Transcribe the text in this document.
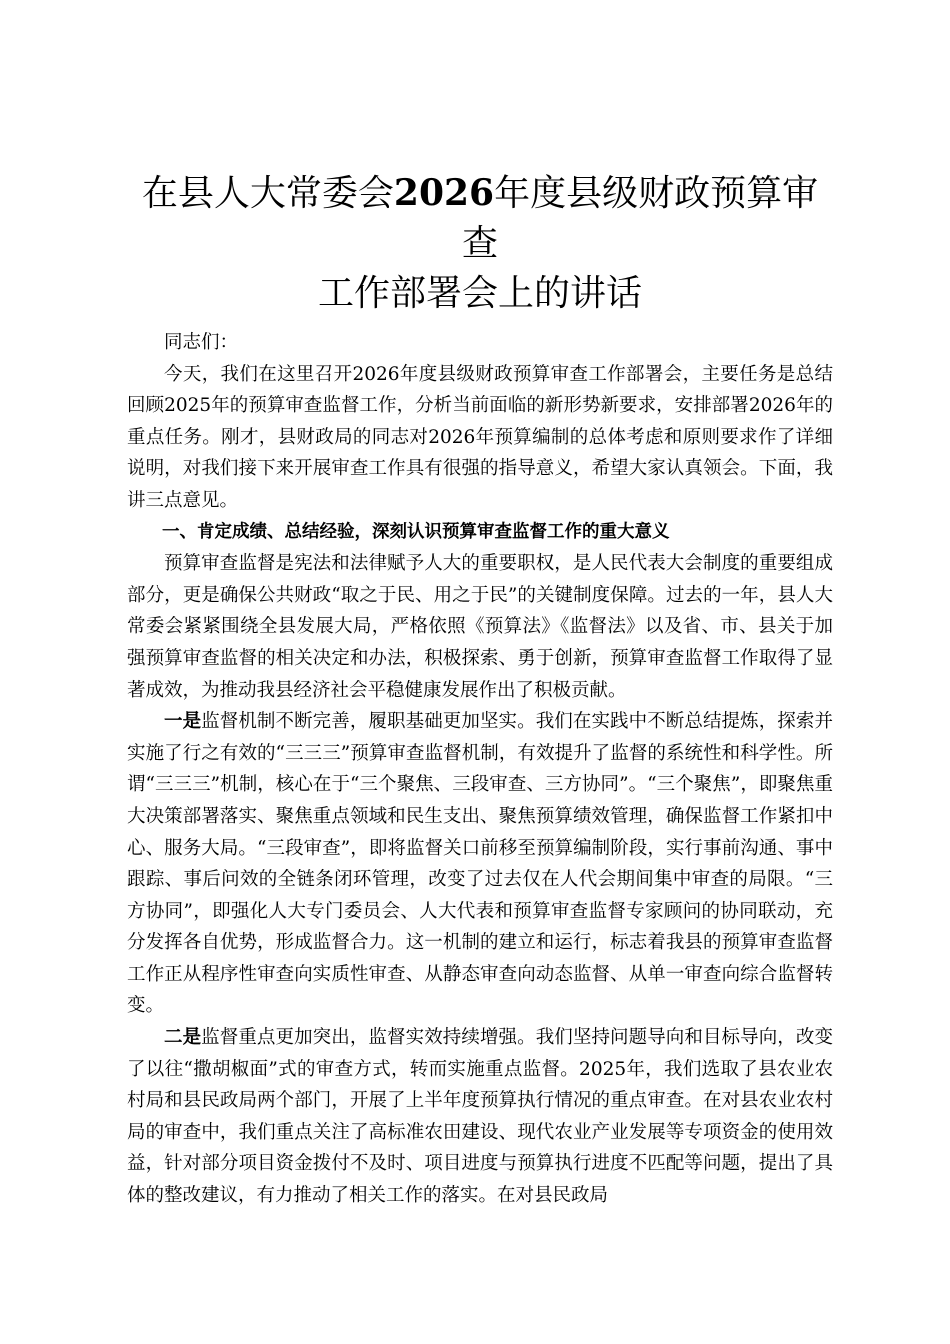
在县人大常委会2026年度县级财政预算审查
工作部署会上的讲话

同志们：

今天，我们在这里召开2026年度县级财政预算审查工作部署会，主要任务是总结回顾2025年的预算审查监督工作，分析当前面临的新形势新要求，安排部署2026年的重点任务。刚才，县财政局的同志对2026年预算编制的总体考虑和原则要求作了详细说明，对我们接下来开展审查工作具有很强的指导意义，希望大家认真领会。下面，我讲三点意见。

一、肯定成绩、总结经验，深刻认识预算审查监督工作的重大意义

预算审查监督是宪法和法律赋予人大的重要职权，是人民代表大会制度的重要组成部分，更是确保公共财政“取之于民、用之于民”的关键制度保障。过去的一年，县人大常委会紧紧围绕全县发展大局，严格依照《预算法》《监督法》以及省、市、县关于加强预算审查监督的相关决定和办法，积极探索、勇于创新，预算审查监督工作取得了显著成效，为推动我县经济社会平稳健康发展作出了积极贡献。

一是监督机制不断完善，履职基础更加坚实。我们在实践中不断总结提炼，探索并实施了行之有效的“三三三”预算审查监督机制，有效提升了监督的系统性和科学性。所谓“三三三”机制，核心在于“三个聚焦、三段审查、三方协同”。“三个聚焦”，即聚焦重大决策部署落实、聚焦重点领域和民生支出、聚焦预算绩效管理，确保监督工作紧扣中心、服务大局。“三段审查”，即将监督关口前移至预算编制阶段，实行事前沟通、事中跟踪、事后问效的全链条闭环管理，改变了过去仅在人代会期间集中审查的局限。“三方协同”，即强化人大专门委员会、人大代表和预算审查监督专家顾问的协同联动，充分发挥各自优势，形成监督合力。这一机制的建立和运行，标志着我县的预算审查监督工作正从程序性审查向实质性审查、从静态审查向动态监督、从单一审查向综合监督转变。

二是监督重点更加突出，监督实效持续增强。我们坚持问题导向和目标导向，改变了以往“撒胡椒面”式的审查方式，转而实施重点监督。2025年，我们选取了县农业农村局和县民政局两个部门，开展了上半年度预算执行情况的重点审查。在对县农业农村局的审查中，我们重点关注了高标准农田建设、现代农业产业发展等专项资金的使用效益，针对部分项目资金拨付不及时、项目进度与预算执行进度不匹配等问题，提出了具体的整改建议，有力推动了相关工作的落实。在对县民政局
